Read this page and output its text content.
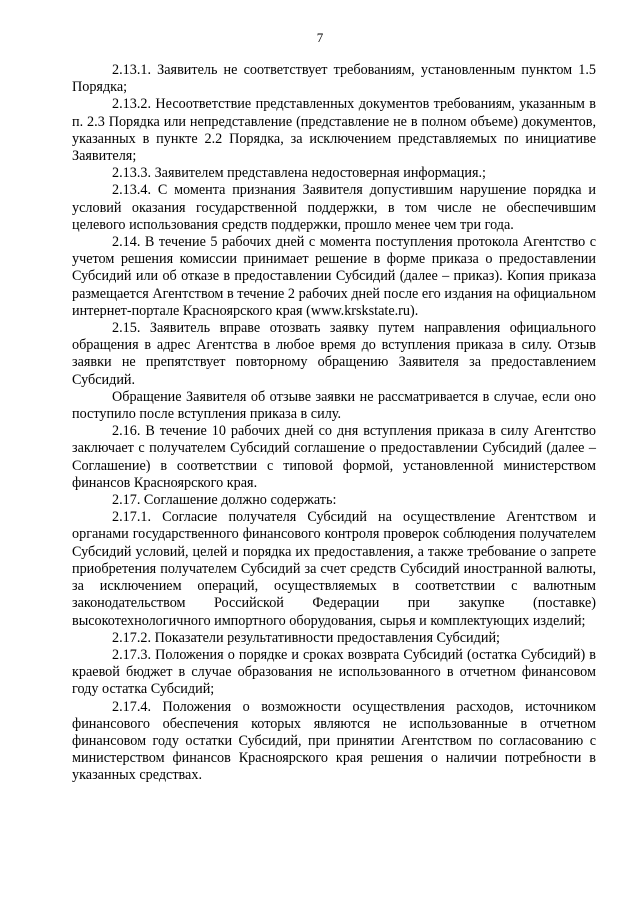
7

2.13.1. Заявитель не соответствует требованиям, установленным пунктом 1.5 Порядка;

2.13.2. Несоответствие представленных документов требованиям, указанным в п. 2.3 Порядка или непредставление (представление не в полном объеме) документов, указанных в пункте 2.2 Порядка, за исключением представляемых по инициативе Заявителя;

2.13.3. Заявителем представлена недостоверная информация.;

2.13.4. С момента признания Заявителя допустившим нарушение порядка и условий оказания государственной поддержки, в том числе не обеспечившим целевого использования средств поддержки, прошло менее чем три года.

2.14. В течение 5 рабочих дней с момента поступления протокола Агентство с учетом решения комиссии принимает решение в форме приказа о предоставлении Субсидий или об отказе в предоставлении Субсидий (далее – приказ). Копия приказа размещается Агентством в течение 2 рабочих дней после его издания на официальном интернет-портале Красноярского края (www.krskstate.ru).

2.15. Заявитель вправе отозвать заявку путем направления официального обращения в адрес Агентства в любое время до вступления приказа в силу. Отзыв заявки не препятствует повторному обращению Заявителя за предоставлением Субсидий.

Обращение Заявителя об отзыве заявки не рассматривается в случае, если оно поступило после вступления приказа в силу.

2.16. В течение 10 рабочих дней со дня вступления приказа в силу Агентство заключает с получателем Субсидий соглашение о предоставлении Субсидий (далее – Соглашение) в соответствии с типовой формой, установленной министерством финансов Красноярского края.

2.17. Соглашение должно содержать:

2.17.1. Согласие получателя Субсидий на осуществление Агентством и органами государственного финансового контроля проверок соблюдения получателем Субсидий условий, целей и порядка их предоставления, а также требование о запрете приобретения получателем Субсидий за счет средств Субсидий иностранной валюты, за исключением операций, осуществляемых в соответствии с валютным законодательством Российской Федерации при закупке (поставке) высокотехнологичного импортного оборудования, сырья и комплектующих изделий;

2.17.2. Показатели результативности предоставления Субсидий;

2.17.3. Положения о порядке и сроках возврата Субсидий (остатка Субсидий) в краевой бюджет в случае образования не использованного в отчетном финансовом году остатка Субсидий;

2.17.4. Положения о возможности осуществления расходов, источником финансового обеспечения которых являются не использованные в отчетном финансовом году остатки Субсидий, при принятии Агентством по согласованию с министерством финансов Красноярского края решения о наличии потребности в указанных средствах.
